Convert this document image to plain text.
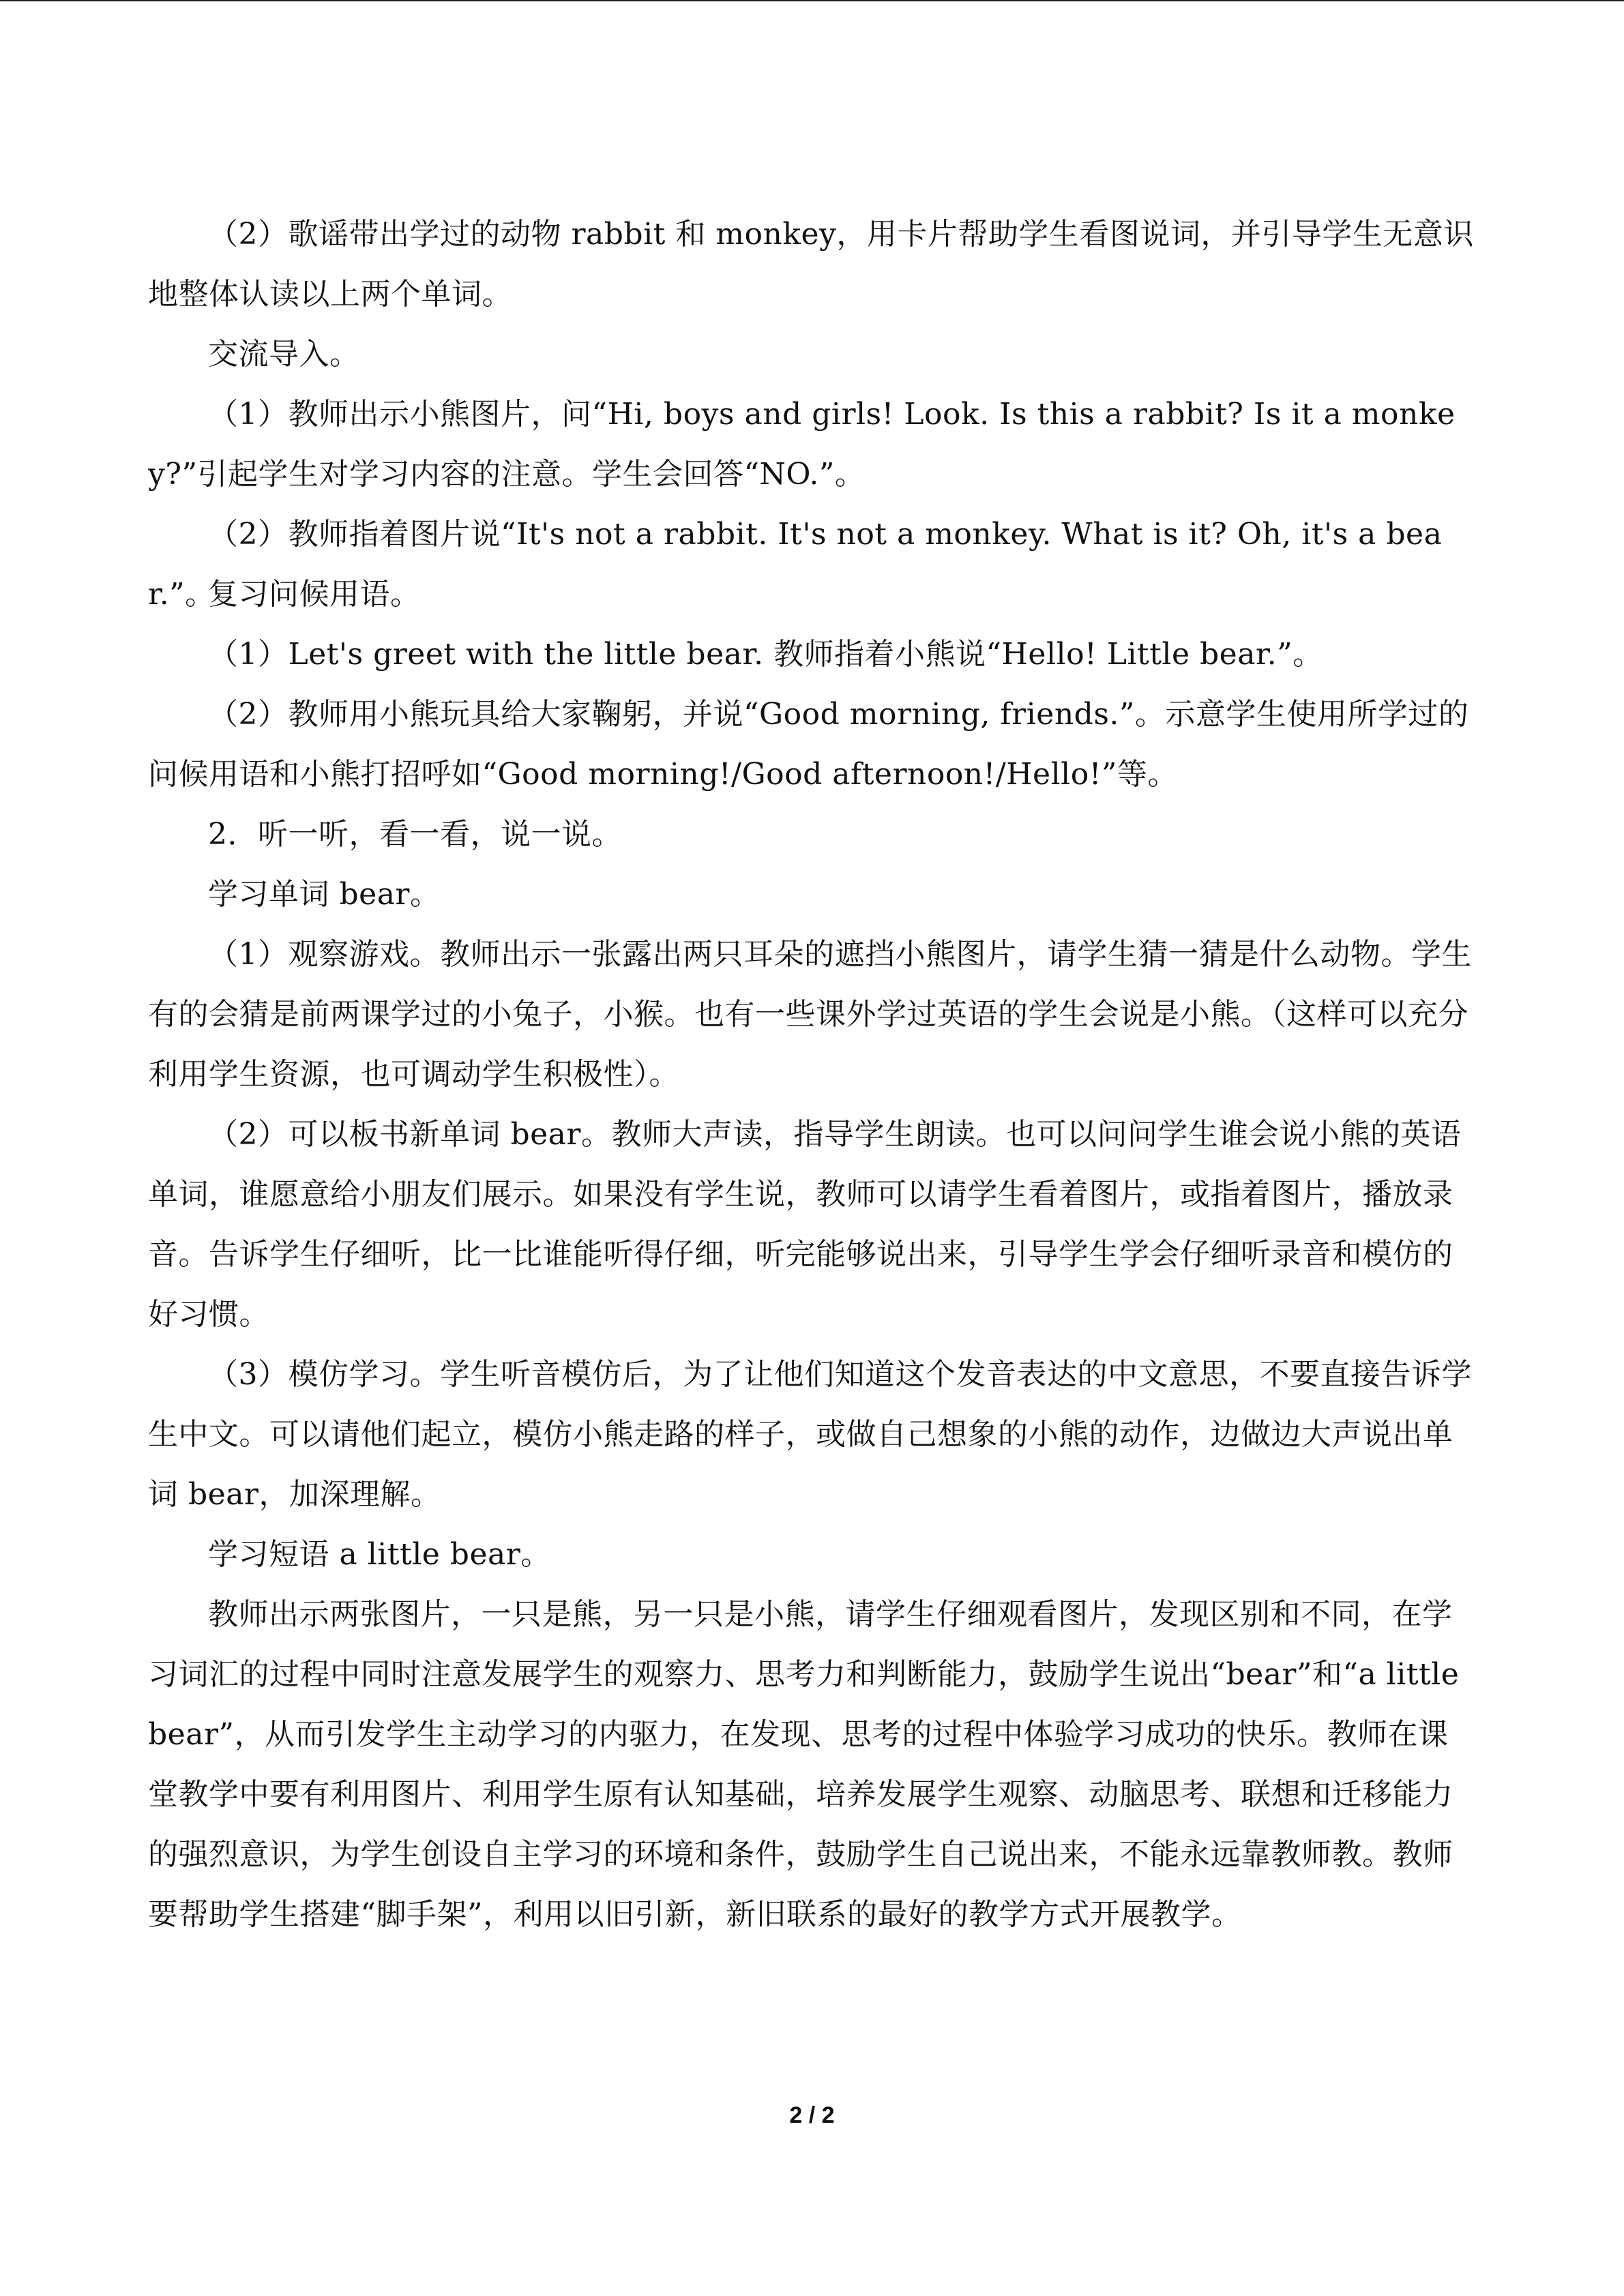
（2）歌谣带出学过的动物 rabbit 和 monkey，用卡片帮助学生看图说词，并引导学生无意识地整体认读以上两个单词。

交流导入。

（1）教师出示小熊图片，问“Hi, boys and girls! Look. Is this a rabbit? Is it a monkey?”引起学生对学习内容的注意。学生会回答“NO.”。

（2）教师指着图片说“It's not a rabbit. It's not a monkey. What is it? Oh, it's a bear.”。

复习问候用语。

（1）Let's greet with the little bear. 教师指着小熊说“Hello! Little bear.”。

（2）教师用小熊玩具给大家鞠躬，并说“Good morning, friends.”。示意学生使用所学过的问候用语和小熊打招呼如“Good morning!/Good afternoon!/Hello!”等。

2．听一听，看一看，说一说。

学习单词 bear。

（1）观察游戏。教师出示一张露出两只耳朵的遮挡小熊图片，请学生猜一猜是什么动物。学生有的会猜是前两课学过的小兔子，小猴。也有一些课外学过英语的学生会说是小熊。（这样可以充分利用学生资源，也可调动学生积极性）。

（2）可以板书新单词 bear。教师大声读，指导学生朗读。也可以问问学生谁会说小熊的英语单词，谁愿意给小朋友们展示。如果没有学生说，教师可以请学生看着图片，或指着图片，播放录音。告诉学生仔细听，比一比谁能听得仔细，听完能够说出来，引导学生学会仔细听录音和模仿的好习惯。

（3）模仿学习。学生听音模仿后，为了让他们知道这个发音表达的中文意思，不要直接告诉学生中文。可以请他们起立，模仿小熊走路的样子，或做自己想象的小熊的动作，边做边大声说出单词 bear，加深理解。

学习短语 a little bear。

教师出示两张图片，一只是熊，另一只是小熊，请学生仔细观看图片，发现区别和不同，在学习词汇的过程中同时注意发展学生的观察力、思考力和判断能力，鼓励学生说出“bear”和“a little bear”，从而引发学生主动学习的内驱力，在发现、思考的过程中体验学习成功的快乐。教师在课堂教学中要有利用图片、利用学生原有认知基础，培养发展学生观察、动脑思考、联想和迁移能力的强烈意识，为学生创设自主学习的环境和条件，鼓励学生自己说出来，不能永远靠教师教。教师要帮助学生搭建“脚手架”，利用以旧引新，新旧联系的最好的教学方式开展教学。

2 / 2
